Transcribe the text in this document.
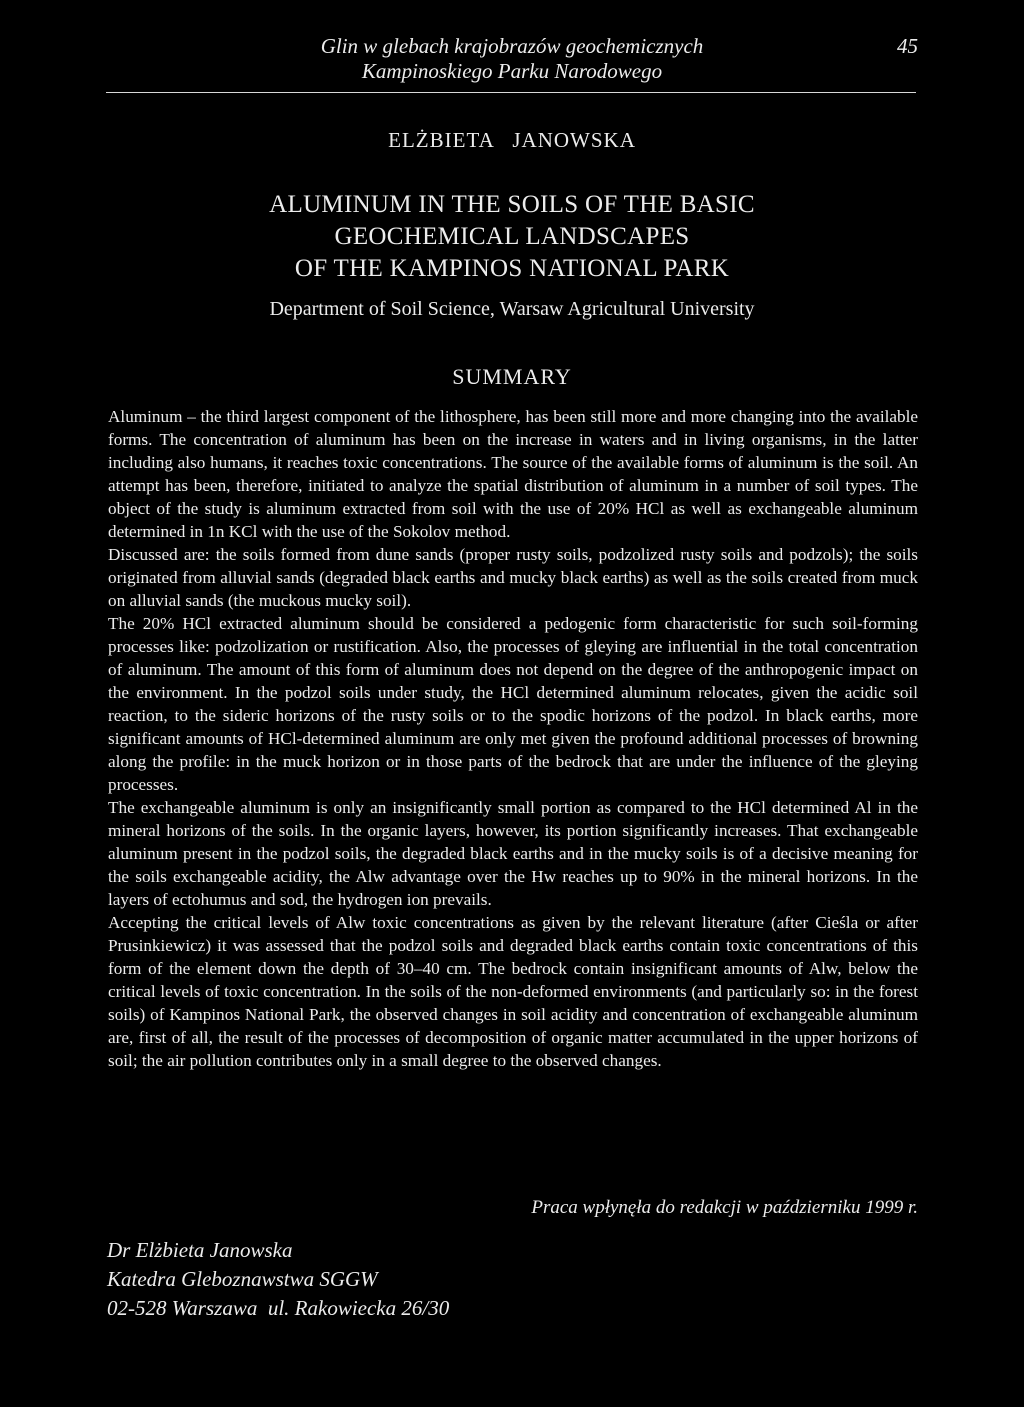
Glin w glebach krajobrazów geochemicznych
Kampinoskiego Parku Narodowego
45
ELŻBIETA   JANOWSKA
ALUMINUM IN THE SOILS OF THE BASIC
GEOCHEMICAL LANDSCAPES
OF THE KAMPINOS NATIONAL PARK
Department of Soil Science, Warsaw Agricultural University
SUMMARY

Aluminum – the third largest component of the lithosphere, has been still more and more changing into the available forms. The concentration of aluminum has been on the increase in waters and in living organisms, in the latter including also humans, it reaches toxic concentrations. The source of the available forms of aluminum is the soil. An attempt has been, therefore, initiated to analyze the spatial distribution of aluminum in a number of soil types. The object of the study is aluminum extracted from soil with the use of 20% HCl as well as exchangeable aluminum determined in 1n KCl with the use of the Sokolov method.

Discussed are: the soils formed from dune sands (proper rusty soils, podzolized rusty soils and podzols); the soils originated from alluvial sands (degraded black earths and mucky black earths) as well as the soils created from muck on alluvial sands (the muckous mucky soil).

The 20% HCl extracted aluminum should be considered a pedogenic form characteristic for such soil-forming processes like: podzolization or rustification. Also, the processes of gleying are influential in the total concentration of aluminum. The amount of this form of aluminum does not depend on the degree of the anthropogenic impact on the environment. In the podzol soils under study, the HCl determined aluminum relocates, given the acidic soil reaction, to the sideric horizons of the rusty soils or to the spodic horizons of the podzol. In black earths, more significant amounts of HCl-determined aluminum are only met given the profound additional processes of browning along the profile: in the muck horizon or in those parts of the bedrock that are under the influence of the gleying processes.

The exchangeable aluminum is only an insignificantly small portion as compared to the HCl determined Al in the mineral horizons of the soils. In the organic layers, however, its portion significantly increases. That exchangeable aluminum present in the podzol soils, the degraded black earths and in the mucky soils is of a decisive meaning for the soils exchangeable acidity, the Alw advantage over the Hw reaches up to 90% in the mineral horizons. In the layers of ectohumus and sod, the hydrogen ion prevails.

Accepting the critical levels of Alw toxic concentrations as given by the relevant literature (after Cieśla or after Prusinkiewicz) it was assessed that the podzol soils and degraded black earths contain toxic concentrations of this form of the element down the depth of 30–40 cm. The bedrock contain insignificant amounts of Alw, below the critical levels of toxic concentration. In the soils of the non-deformed environments (and particularly so: in the forest soils) of Kampinos National Park, the observed changes in soil acidity and concentration of exchangeable aluminum are, first of all, the result of the processes of decomposition of organic matter accumulated in the upper horizons of soil; the air pollution contributes only in a small degree to the observed changes.

Praca wpłynęła do redakcji w październiku 1999 r.
Dr Elżbieta Janowska
Katedra Gleboznawstwa SGGW
02-528 Warszawa  ul. Rakowiecka 26/30
